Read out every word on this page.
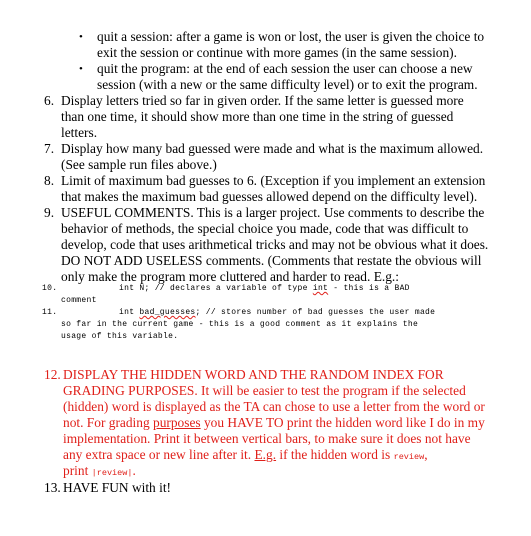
• quit a session: after a game is won or lost, the user is given the choice to
exit the session or continue with more games (in the same session).
• quit the program: at the end of each session the user can choose a new
session (with a new or the same difficulty level) or to exit the program.
6. Display letters tried so far in given order. If the same letter is guessed more
than one time, it should show more than one time in the string of guessed
letters.
7. Display how many bad guessed were made and what is the maximum allowed.
(See sample run files above.)
8. Limit of maximum bad guesses to 6. (Exception if you implement an extension
that makes the maximum bad guesses allowed depend on the difficulty level).
9. USEFUL COMMENTS. This is a larger project. Use comments to describe the
behavior of methods, the special choice you made, code that was difficult to
develop, code that uses arithmetical tricks and may not be obvious what it does.
DO NOT ADD USELESS comments. (Comments that restate the obvious will
only make the program more cluttered and harder to read. E.g.:
10.	int N; // declares a variable of type int - this is a BAD
comment
11.	int bad_guesses; // stores number of bad guesses the user made
so far in the current game - this is a good comment as it explains the
usage of this variable.
12. DISPLAY THE HIDDEN WORD AND THE RANDOM INDEX FOR
GRADING PURPOSES. It will be easier to test the program if the selected
(hidden) word is displayed as the TA can chose to use a letter from the word or
not. For grading purposes you HAVE TO print the hidden word like I do in my
implementation. Print it between vertical bars, to make sure it does not have
any extra space or new line after it. E.g. if the hidden word is review,
print |review|.
13. HAVE FUN with it!
